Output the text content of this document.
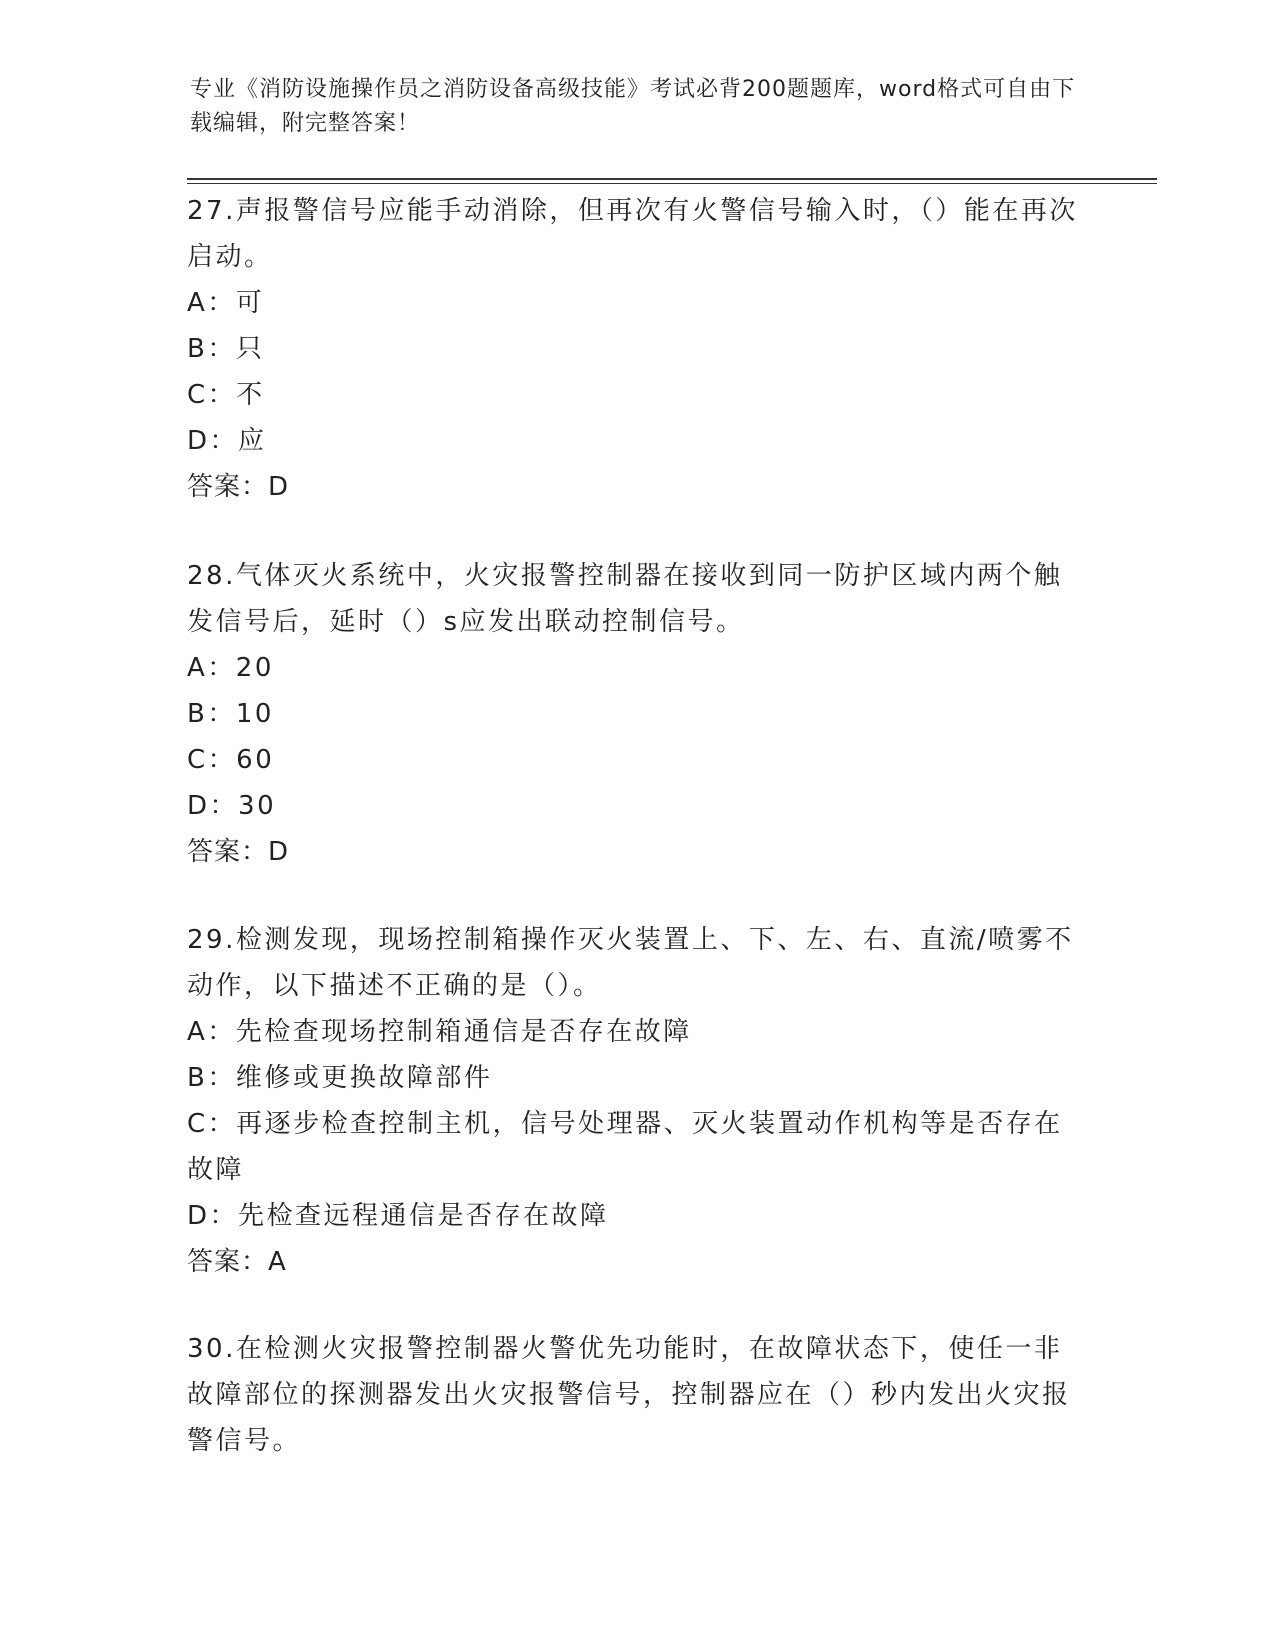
专业《消防设施操作员之消防设备高级技能》考试必背200题题库，word格式可自由下载编辑，附完整答案！

27.声报警信号应能手动消除，但再次有火警信号输入时，（）能在再次启动。

A：可

B：只

C：不

D：应

答案：D

28.气体灭火系统中，火灾报警控制器在接收到同一防护区域内两个触发信号后，延时（）s应发出联动控制信号。

A：20

B：10

C：60

D：30

答案：D

29.检测发现，现场控制箱操作灭火装置上、下、左、右、直流/喷雾不动作，以下描述不正确的是（）。

A：先检查现场控制箱通信是否存在故障

B：维修或更换故障部件

C：再逐步检查控制主机，信号处理器、灭火装置动作机构等是否存在故障

D：先检查远程通信是否存在故障

答案：A

30.在检测火灾报警控制器火警优先功能时，在故障状态下，使任一非故障部位的探测器发出火灾报警信号，控制器应在（）秒内发出火灾报警信号。
